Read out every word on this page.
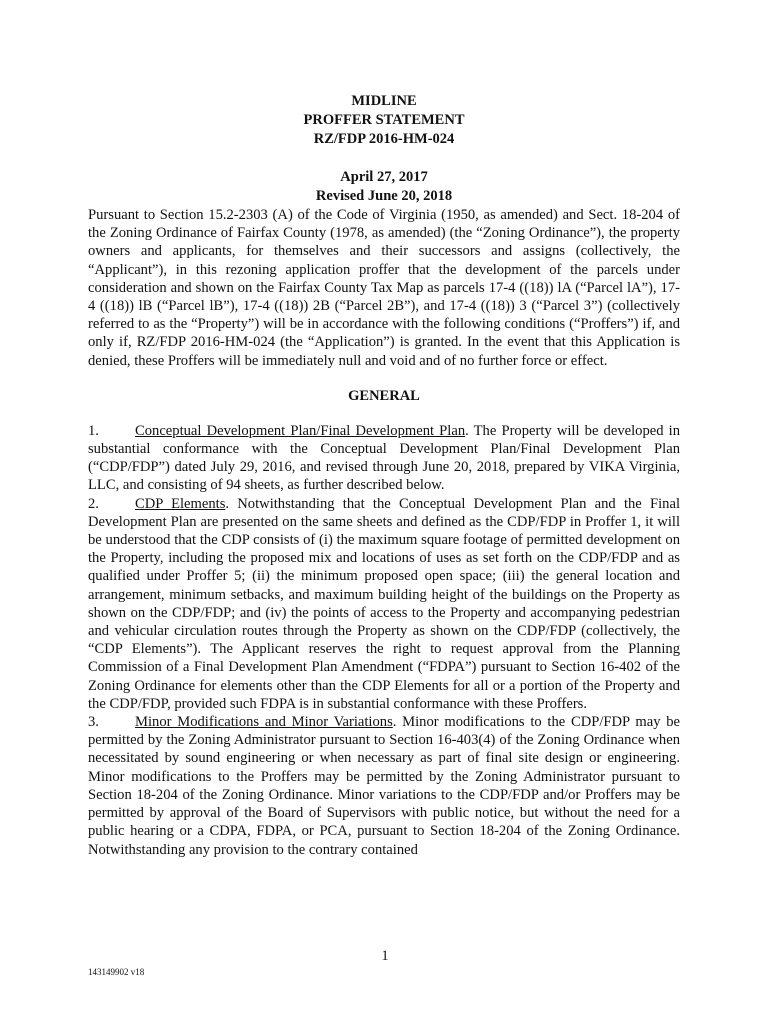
MIDLINE
PROFFER STATEMENT
RZ/FDP 2016-HM-024
April 27, 2017
Revised June 20, 2018

Pursuant to Section 15.2-2303 (A) of the Code of Virginia (1950, as amended) and Sect. 18-204 of the Zoning Ordinance of Fairfax County (1978, as amended) (the “Zoning Ordinance”), the property owners and applicants, for themselves and their successors and assigns (collectively, the “Applicant”), in this rezoning application proffer that the development of the parcels under consideration and shown on the Fairfax County Tax Map as parcels 17-4 ((18)) lA (“Parcel lA”), 17-4 ((18)) lB (“Parcel lB”), 17-4 ((18)) 2B (“Parcel 2B”), and 17-4 ((18)) 3 (“Parcel 3”) (collectively referred to as the “Property”) will be in accordance with the following conditions (“Proffers”) if, and only if, RZ/FDP 2016-HM-024 (the “Application”) is granted. In the event that this Application is denied, these Proffers will be immediately null and void and of no further force or effect.

GENERAL

1. Conceptual Development Plan/Final Development Plan. The Property will be developed in substantial conformance with the Conceptual Development Plan/Final Development Plan (“CDP/FDP”) dated July 29, 2016, and revised through June 20, 2018, prepared by VIKA Virginia, LLC, and consisting of 94 sheets, as further described below.

2. CDP Elements. Notwithstanding that the Conceptual Development Plan and the Final Development Plan are presented on the same sheets and defined as the CDP/FDP in Proffer 1, it will be understood that the CDP consists of (i) the maximum square footage of permitted development on the Property, including the proposed mix and locations of uses as set forth on the CDP/FDP and as qualified under Proffer 5; (ii) the minimum proposed open space; (iii) the general location and arrangement, minimum setbacks, and maximum building height of the buildings on the Property as shown on the CDP/FDP; and (iv) the points of access to the Property and accompanying pedestrian and vehicular circulation routes through the Property as shown on the CDP/FDP (collectively, the “CDP Elements”). The Applicant reserves the right to request approval from the Planning Commission of a Final Development Plan Amendment (“FDPA”) pursuant to Section 16-402 of the Zoning Ordinance for elements other than the CDP Elements for all or a portion of the Property and the CDP/FDP, provided such FDPA is in substantial conformance with these Proffers.

3. Minor Modifications and Minor Variations. Minor modifications to the CDP/FDP may be permitted by the Zoning Administrator pursuant to Section 16-403(4) of the Zoning Ordinance when necessitated by sound engineering or when necessary as part of final site design or engineering. Minor modifications to the Proffers may be permitted by the Zoning Administrator pursuant to Section 18-204 of the Zoning Ordinance. Minor variations to the CDP/FDP and/or Proffers may be permitted by approval of the Board of Supervisors with public notice, but without the need for a public hearing or a CDPA, FDPA, or PCA, pursuant to Section 18-204 of the Zoning Ordinance. Notwithstanding any provision to the contrary contained

1
143149902 v18
